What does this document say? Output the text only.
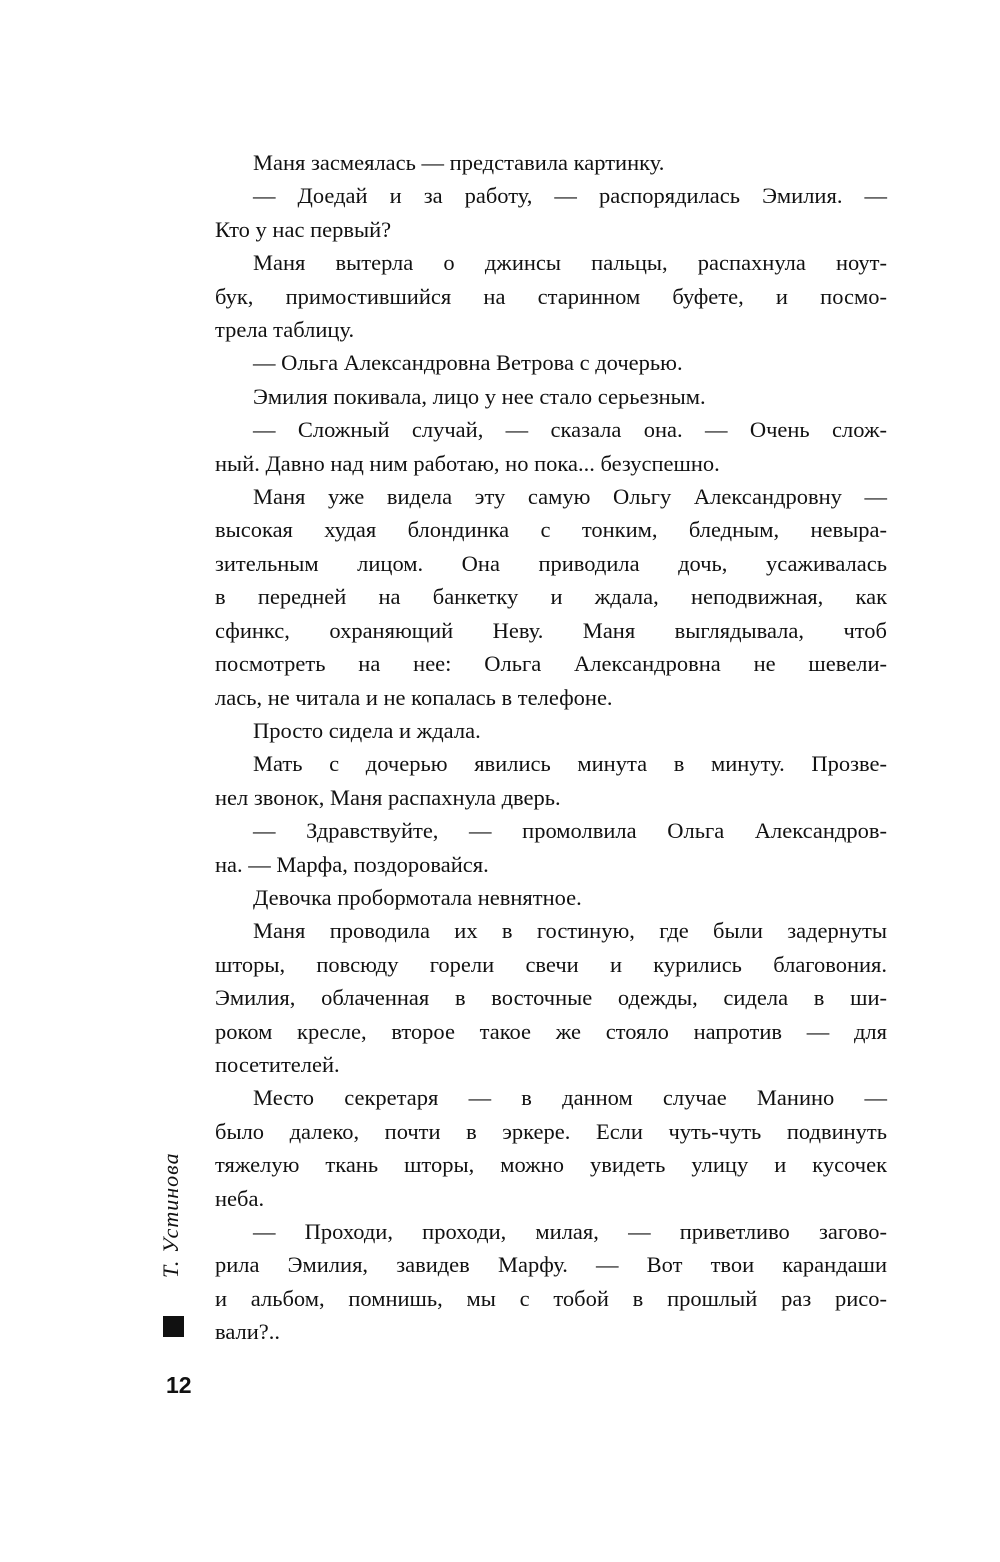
Т. Устинова
12
Маня засмеялась — представила картинку.
— Доедай и за работу, — распорядилась Эмилия. —
Кто у нас первый?
Маня вытерла о джинсы пальцы, распахнула ноут-
бук, примостившийся на старинном буфете, и посмо-
трела таблицу.
— Ольга Александровна Ветрова с дочерью.
Эмилия покивала, лицо у нее стало серьезным.
— Сложный случай, — сказала она. — Очень слож-
ный. Давно над ним работаю, но пока... безуспешно.
Маня уже видела эту самую Ольгу Александровну —
высокая худая блондинка с тонким, бледным, невыра-
зительным лицом. Она приводила дочь, усаживалась
в передней на банкетку и ждала, неподвижная, как
сфинкс, охраняющий Неву. Маня выглядывала, чтоб
посмотреть на нее: Ольга Александровна не шевели-
лась, не читала и не копалась в телефоне.
Просто сидела и ждала.
Мать с дочерью явились минута в минуту. Прозве-
нел звонок, Маня распахнула дверь.
— Здравствуйте, — промолвила Ольга Александров-
на. — Марфа, поздоровайся.
Девочка пробормотала невнятное.
Маня проводила их в гостиную, где были задернуты
шторы, повсюду горели свечи и курились благовония.
Эмилия, облаченная в восточные одежды, сидела в ши-
роком кресле, второе такое же стояло напротив — для
посетителей.
Место секретаря — в данном случае Манино —
было далеко, почти в эркере. Если чуть-чуть подвинуть
тяжелую ткань шторы, можно увидеть улицу и кусочек
неба.
— Проходи, проходи, милая, — приветливо загово-
рила Эмилия, завидев Марфу. — Вот твои карандаши
и альбом, помнишь, мы с тобой в прошлый раз рисо-
вали?..
